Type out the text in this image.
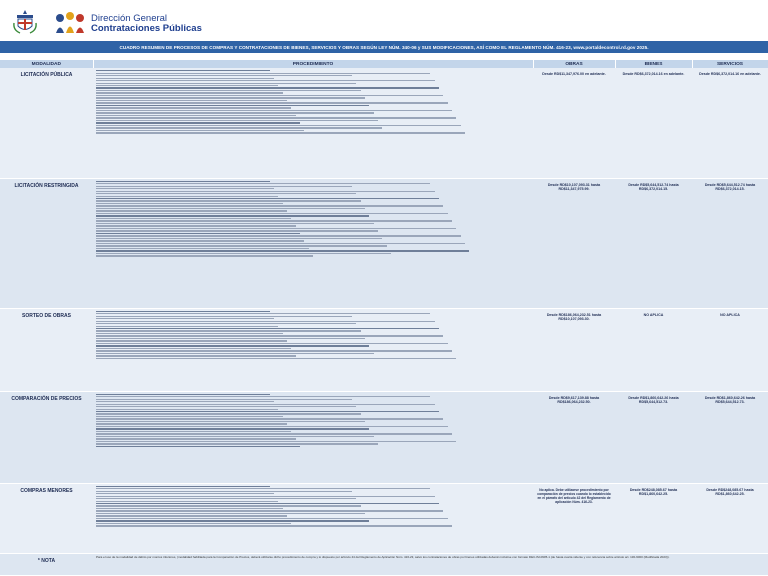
Dirección General
Contrataciones Públicas
CUADRO RESUMEN DE PROCESOS DE COMPRAS Y CONTRATACIONES DE BIENES, SERVICIOS Y OBRAS SEGÚN LEY NÚM. 340-06 y SUS MODIFICACIONES, ASÍ COMO EL REGLAMENTO NÚM. 416-23, www.portaldecontrol.rd.gov 2025.
MODALIDAD	PROCEDIMIENTO	OBRAS	BIENES	SERVICIOS
LICITACIÓN PÚBLICA		Desde RD$11,347,976.00 en adelante.	Desde RD$6,372,014.16 en adelante.	Desde RD$6,372,014.16 en adelante.
LICITACIÓN RESTRINGIDA		Desde RD$10,107,093.31 hasta RD$11,347,975.99.	Desde RD$5,644,512.74 hasta RD$6,372,014.15.	Desde RD$5,644,512.74 hasta RD$6,372,014.15.
SORTEO DE OBRAS		Desde RD$186,064,232.51 hasta RD$10,107,093.30.	NO APLICA	NO APLICA
COMPARACIÓN DE PRECIOS		Desde RD$9,617,139.88 hasta RD$186,064,232.50.	Desde RD$1,860,642.26 hasta RD$5,644,512.73.	Desde RD$1,860,642.26 hasta RD$5,644,512.73.
COMPRAS MENORES		No aplica. Debe utilizarse procedimiento por comparación de precios cuando lo establecido en el párrafo del artículo 42 del Reglamento de aplicación Núm. 416-23.	Desde RD$248,085.67 hasta RD$1,860,642.25.	Desde RD$248,085.67 hasta RD$1,860,642.25.
* NOTA	Para el uso de la modalidad de débito por montos inferiores, (modalidad habilitada para la Comparación de Precios, deberá utilizarse dicho procedimiento de compra y lo dispuesto por artículo 44 del Reglamento de Aplicación Núm. 416-23, salvo los contrataciones de obras por bienes utilizadas deberán incluirse con formato DEC-IM-0905-1 (de hasta cuarta vidente y con referencia sobre artículo art. 130-9000 (Modificada 2023)).			
